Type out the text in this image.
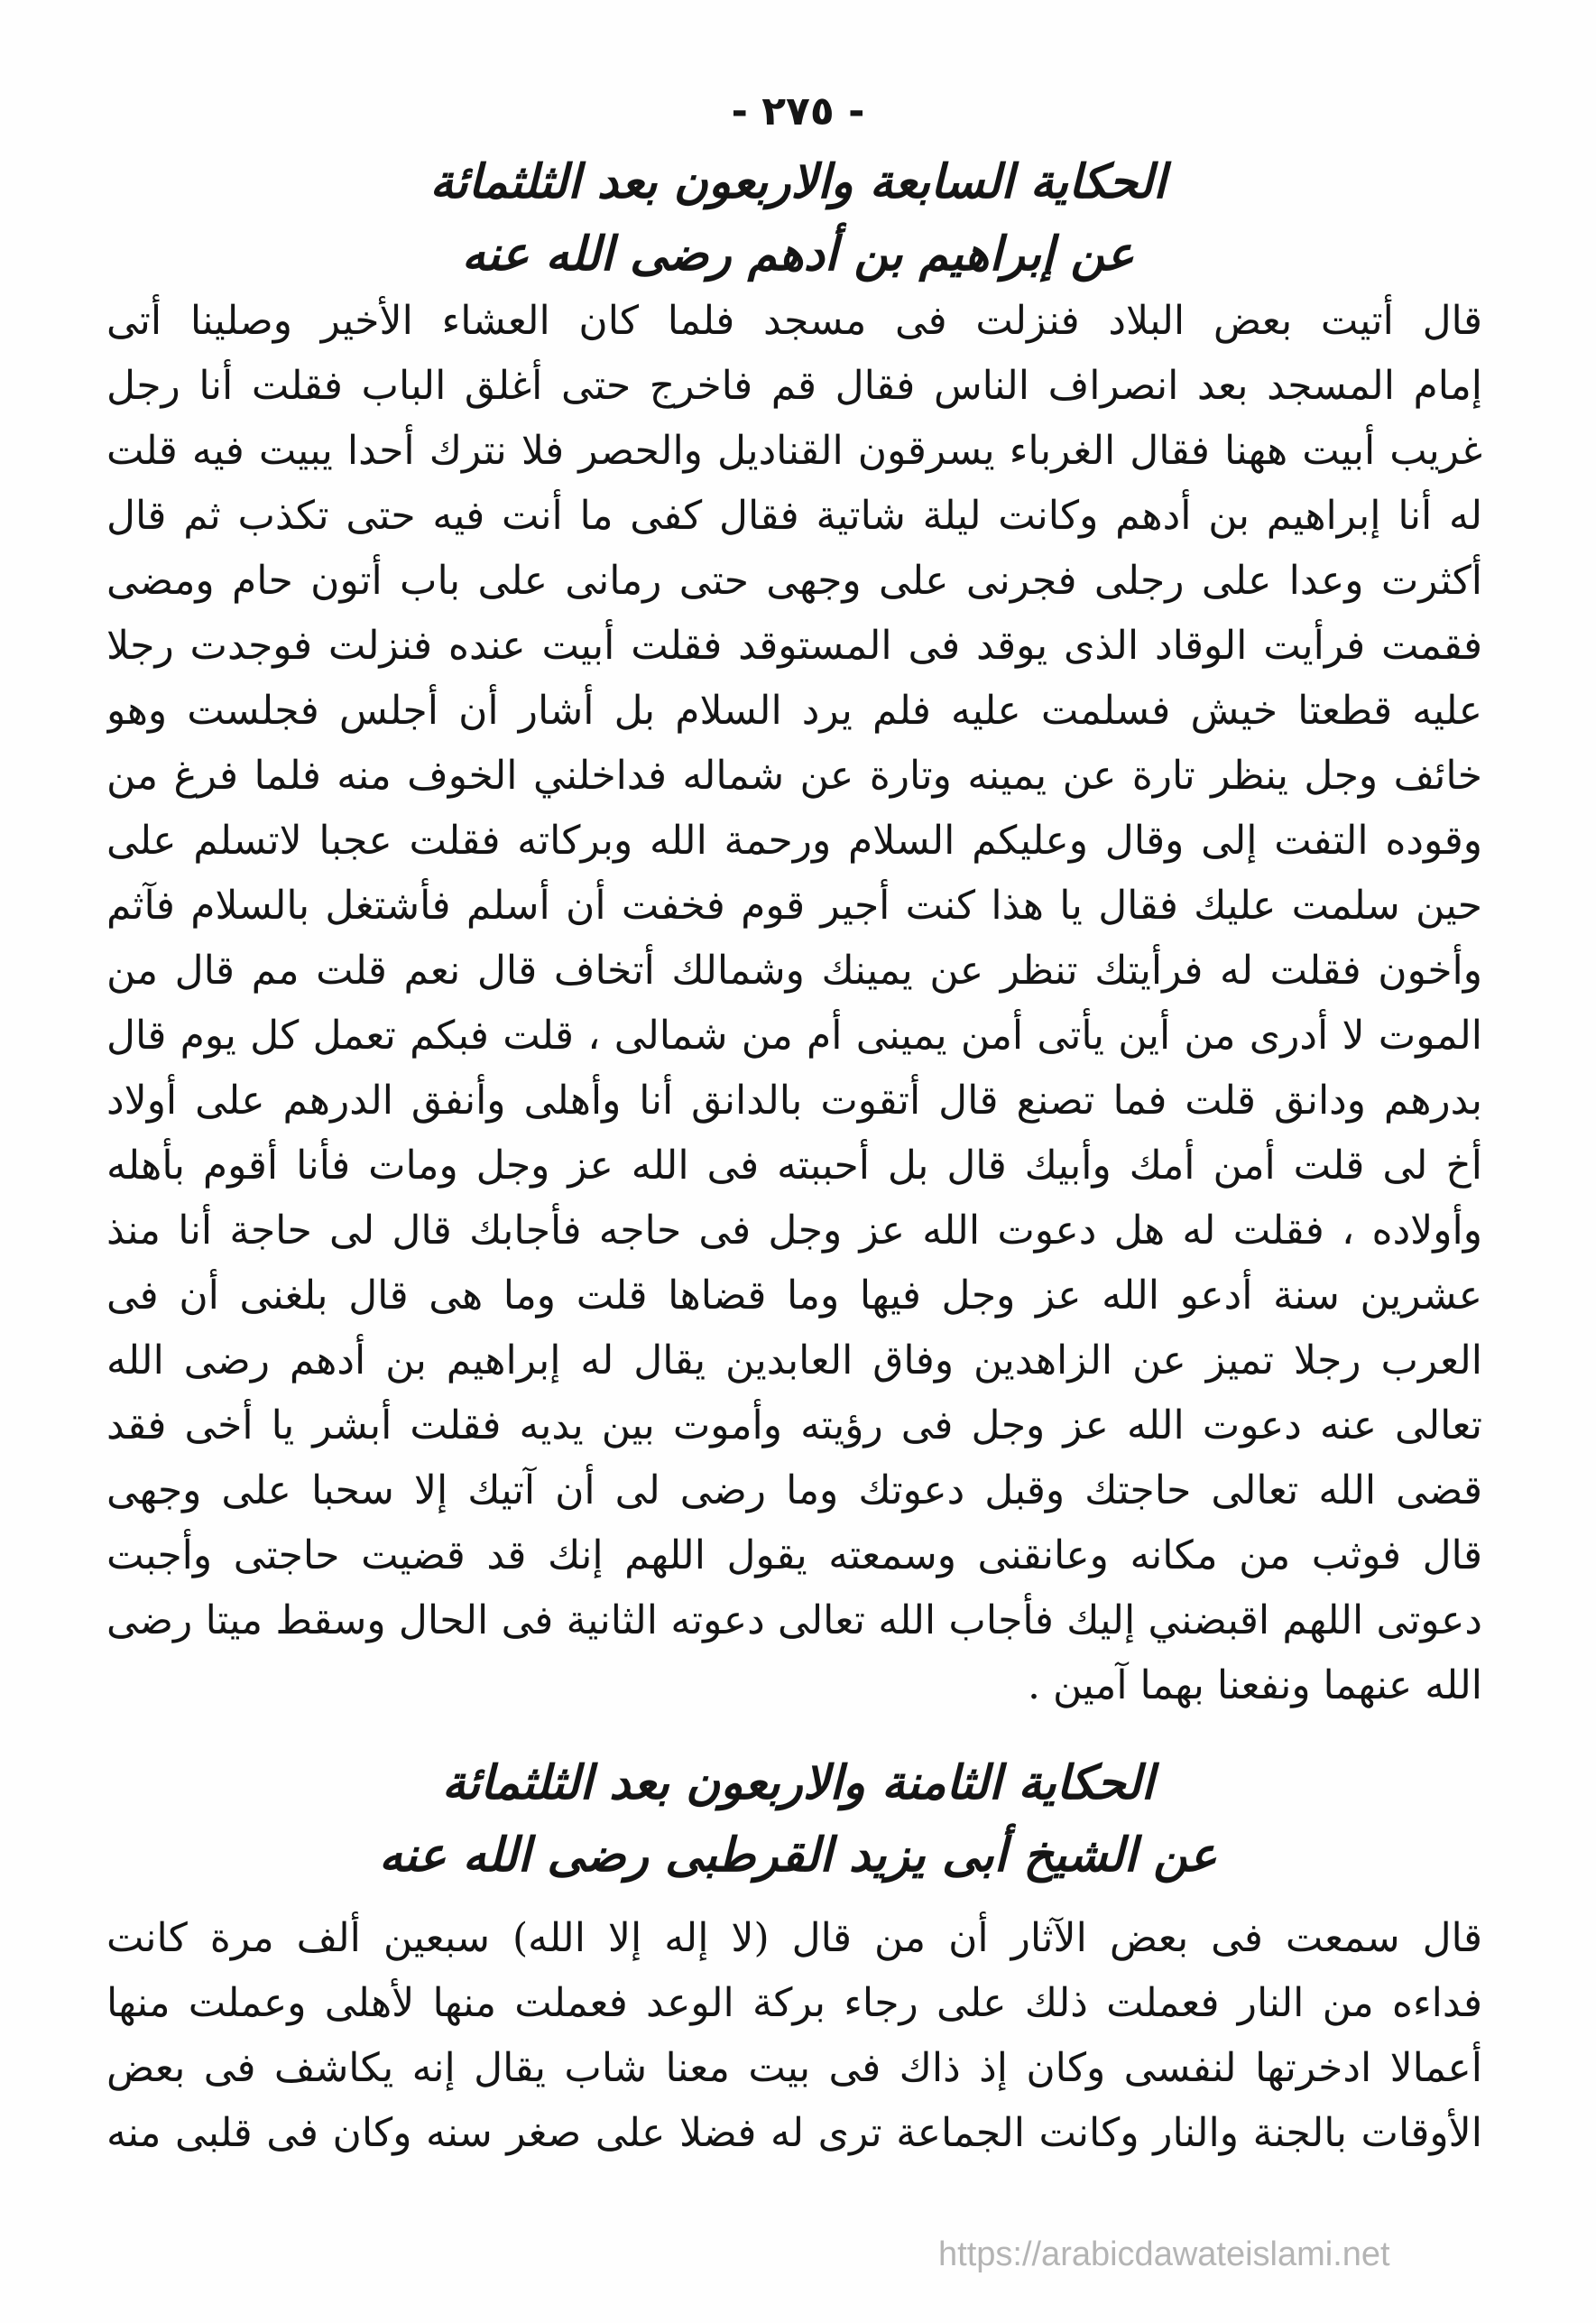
- ٢٧٥ -
الحكاية السابعة والاربعون بعد الثلثمائة
عن إبراهيم بن أدهم رضى الله عنه
قال أتيت بعض البلاد فنزلت فى مسجد فلما كان العشاء الأخير وصلينا أتى
إمام المسجد بعد انصراف الناس فقال قم فاخرج حتى أغلق الباب فقلت أنا رجل
غريب أبيت ههنا فقال الغرباء يسرقون القناديل والحصر فلا نترك أحدا يبيت فيه قلت
له أنا إبراهيم بن أدهم وكانت ليلة شاتية فقال كفى ما أنت فيه حتى تكذب ثم قال
أكثرت وعدا على رجلى فجرنى على وجهى حتى رمانى على باب أتون حام ومضى
فقمت فرأيت الوقاد الذى يوقد فى المستوقد فقلت أبيت عنده فنزلت فوجدت رجلا
عليه قطعتا خيش فسلمت عليه فلم يرد السلام بل أشار أن أجلس فجلست وهو
خائف وجل ينظر تارة عن يمينه وتارة عن شماله فداخلني الخوف منه فلما فرغ من
وقوده التفت إلى وقال وعليكم السلام ورحمة الله وبركاته فقلت عجبا لاتسلم على
حين سلمت عليك فقال يا هذا كنت أجير قوم فخفت أن أسلم فأشتغل بالسلام فآثم
وأخون فقلت له فرأيتك تنظر عن يمينك وشمالك أتخاف قال نعم قلت مم قال من
الموت لا أدرى من أين يأتى أمن يمينى أم من شمالى ، قلت فبكم تعمل كل يوم قال
بدرهم ودانق قلت فما تصنع قال أتقوت بالدانق أنا وأهلى وأنفق الدرهم على أولاد
أخ لى قلت أمن أمك وأبيك قال بل أحببته فى الله عز وجل ومات فأنا أقوم بأهله
وأولاده ، فقلت له هل دعوت الله عز وجل فى حاجه فأجابك قال لى حاجة أنا منذ
عشرين سنة أدعو الله عز وجل فيها وما قضاها قلت وما هى قال بلغنى أن فى
العرب رجلا تميز عن الزاهدين وفاق العابدين يقال له إبراهيم بن أدهم رضى الله
تعالى عنه دعوت الله عز وجل فى رؤيته وأموت بين يديه فقلت أبشر يا أخى فقد
قضى الله تعالى حاجتك وقبل دعوتك وما رضى لى أن آتيك إلا سحبا على وجهى
قال فوثب من مكانه وعانقنى وسمعته يقول اللهم إنك قد قضيت حاجتى وأجبت
دعوتى اللهم اقبضني إليك فأجاب الله تعالى دعوته الثانية فى الحال وسقط ميتا رضى
الله عنهما ونفعنا بهما آمين .
الحكاية الثامنة والاربعون بعد الثلثمائة
عن الشيخ أبى يزيد القرطبى رضى الله عنه
قال سمعت فى بعض الآثار أن من قال (لا إله إلا الله) سبعين ألف مرة كانت
فداءه من النار فعملت ذلك على رجاء بركة الوعد فعملت منها لأهلى وعملت منها
أعمالا ادخرتها لنفسى وكان إذ ذاك فى بيت معنا شاب يقال إنه يكاشف فى بعض
الأوقات بالجنة والنار وكانت الجماعة ترى له فضلا على صغر سنه وكان فى قلبى منه
https://arabicdawateislami.net
